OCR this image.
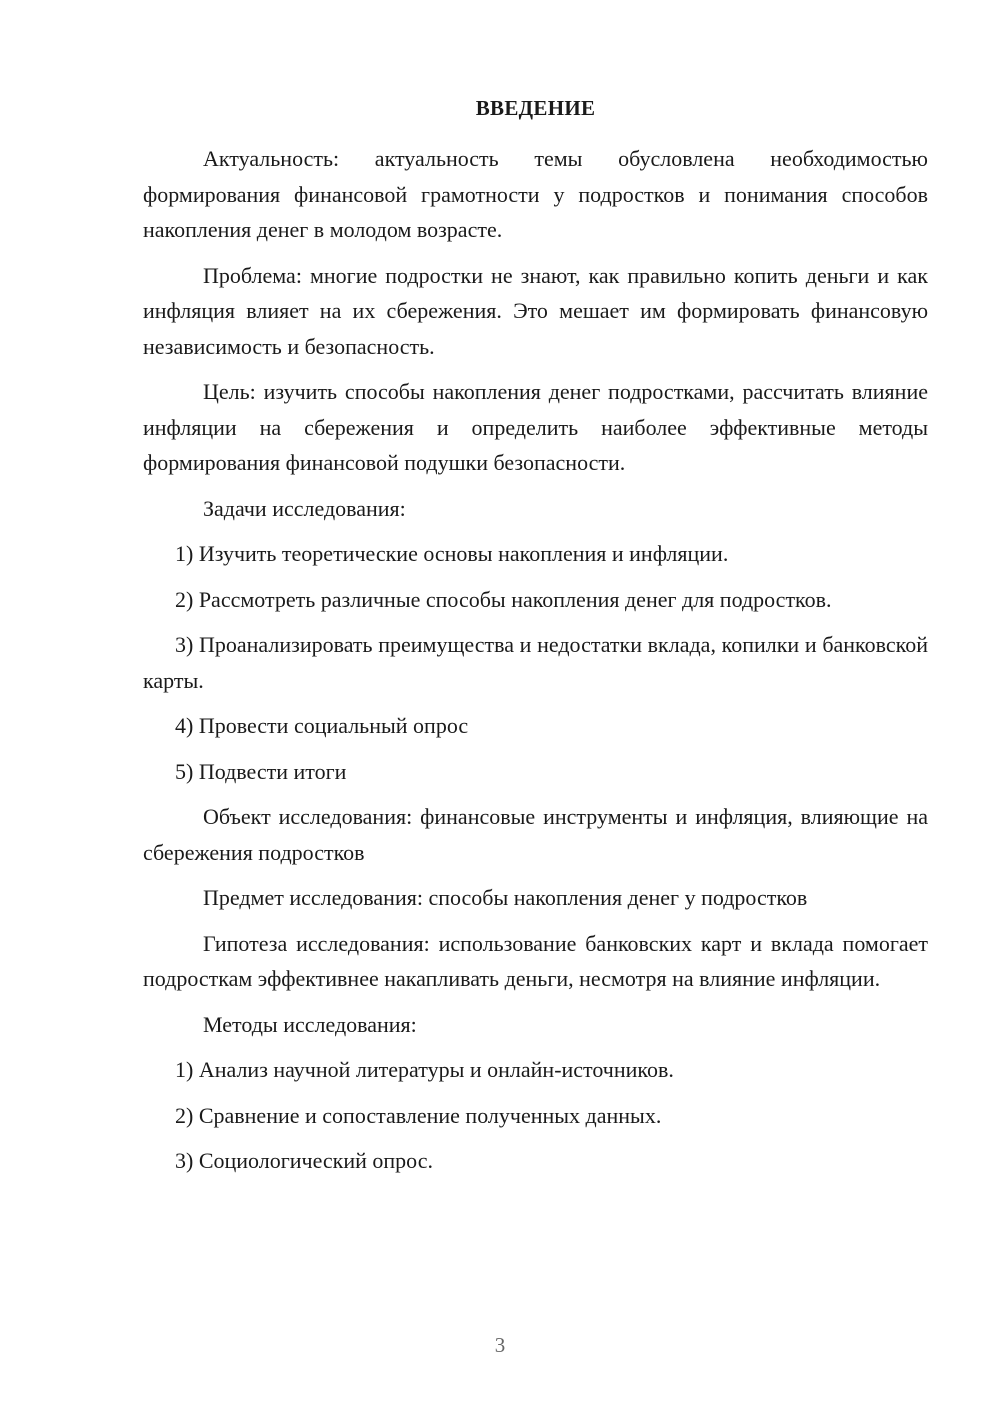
ВВЕДЕНИЕ

Актуальность: актуальность темы обусловлена необходимостью формирования финансовой грамотности у подростков и понимания способов накопления денег в молодом возрасте.

Проблема: многие подростки не знают, как правильно копить деньги и как инфляция влияет на их сбережения. Это мешает им формировать финансовую независимость и безопасность.

Цель: изучить способы накопления денег подростками, рассчитать влияние инфляции на сбережения и определить наиболее эффективные методы формирования финансовой подушки безопасности.

Задачи исследования:

1) Изучить теоретические основы накопления и инфляции.

2) Рассмотреть различные способы накопления денег для подростков.

3) Проанализировать преимущества и недостатки вклада, копилки и банковской карты.

4) Провести социальный опрос

5) Подвести итоги

Объект исследования: финансовые инструменты и инфляция, влияющие на сбережения подростков

Предмет исследования: способы накопления денег у подростков

Гипотеза исследования: использование банковских карт и вклада помогает подросткам эффективнее накапливать деньги, несмотря на влияние инфляции.

Методы исследования:

1) Анализ научной литературы и онлайн-источников.

2) Сравнение и сопоставление полученных данных.

3) Социологический опрос.

3
